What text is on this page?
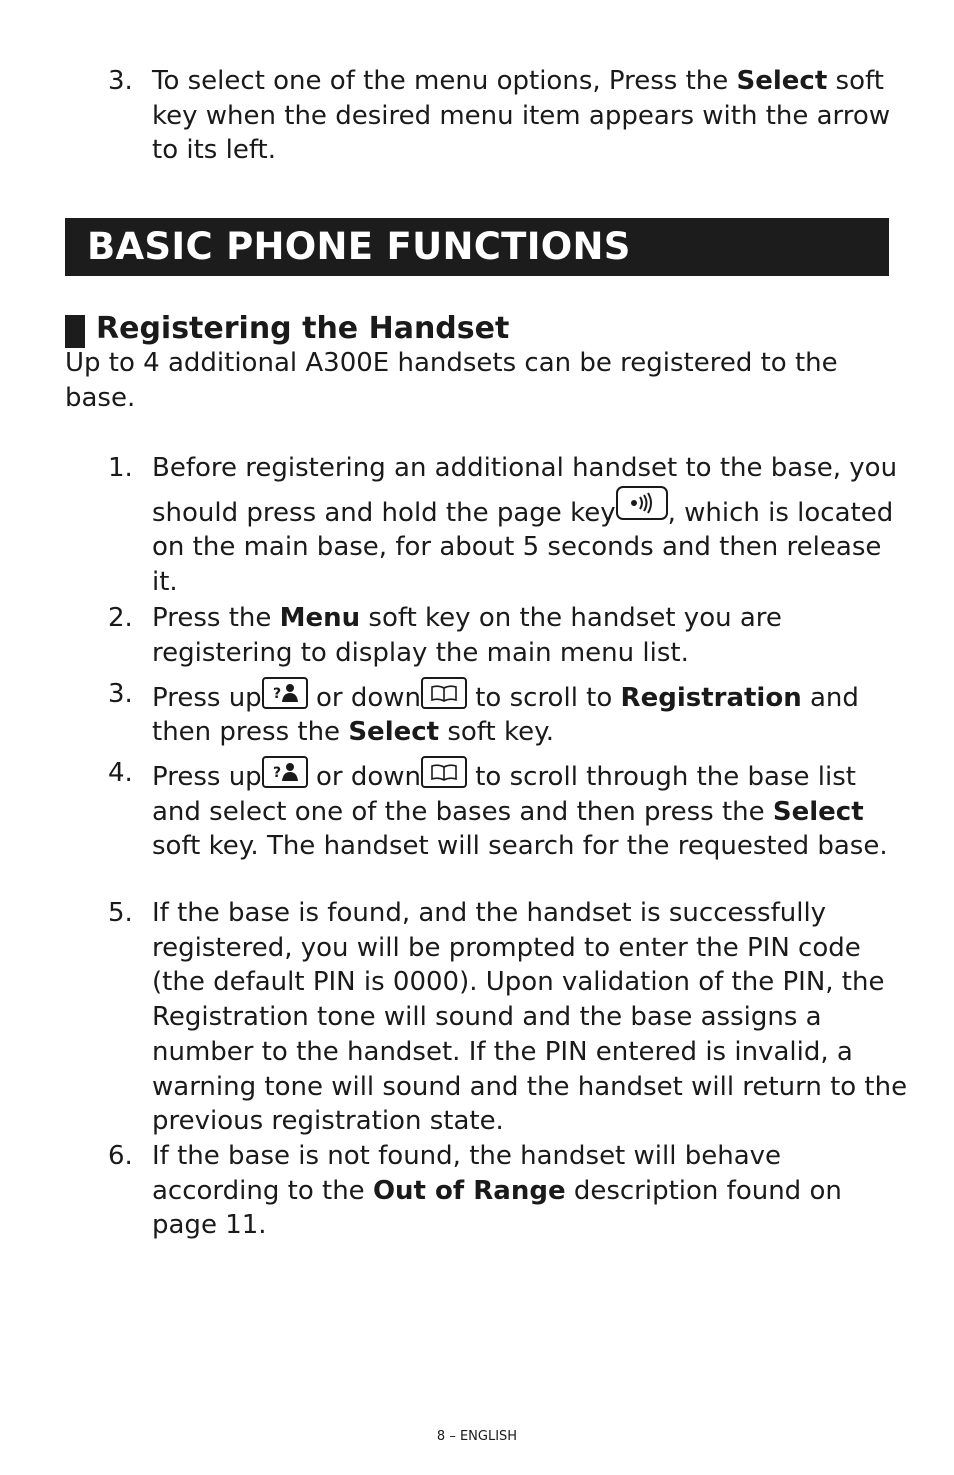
3. To select one of the menu options, Press the Select soft key when the desired menu item appears with the arrow to its left.
BASIC PHONE FUNCTIONS
Registering the Handset
Up to 4 additional A300E handsets can be registered to the base.
1. Before registering an additional handset to the base, you should press and hold the page key , which is located on the main base, for about 5 seconds and then release it.
2. Press the Menu soft key on the handset you are registering to display the main menu list.
3. Press up ? or down
to scroll to Registration and then press the Select soft key.
4. Press up ? or down
to scroll through the base list and select one of the bases and then press the Select soft key. The handset will search for the requested base.
5. If the base is found, and the handset is successfully registered, you will be prompted to enter the PIN code (the default PIN is 0000). Upon validation of the PIN, the Registration tone will sound and the base assigns a number to the handset. If the PIN entered is invalid, a warning tone will sound and the handset will return to the previous registration state.
6. If the base is not found, the handset will behave according to the Out of Range description found on page 11.
8 – ENGLISH
